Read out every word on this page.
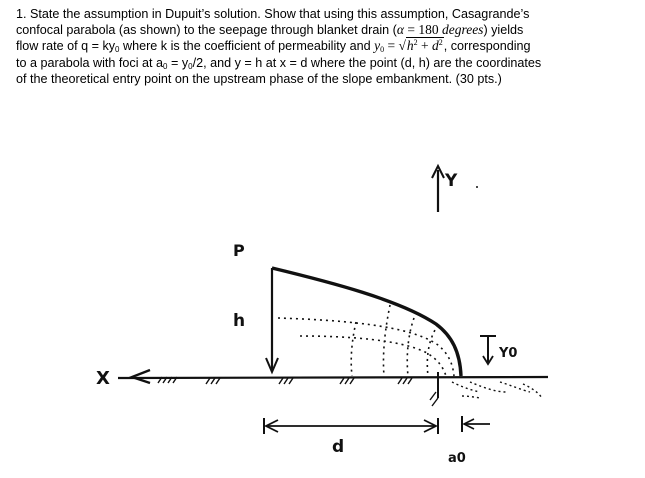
1. State the assumption in Dupuit’s solution. Show that using this assumption, Casagrande’s
confocal parabola (as shown) to the seepage through blanket drain (α = 180 degrees) yields
flow rate of $q = ky_0$ where k is the coefficient of permeability and $y_0 = √h^2 + d^2$, corresponding
to a parabola with foci at $a_0 = y_0/2$, and y = h at x = d where the point (d, h) are the coordinates
of the theoretical entry point on the upstream phase of the slope embankment. (30 pts.)
Y
X
Y0
d
a0
P
h
